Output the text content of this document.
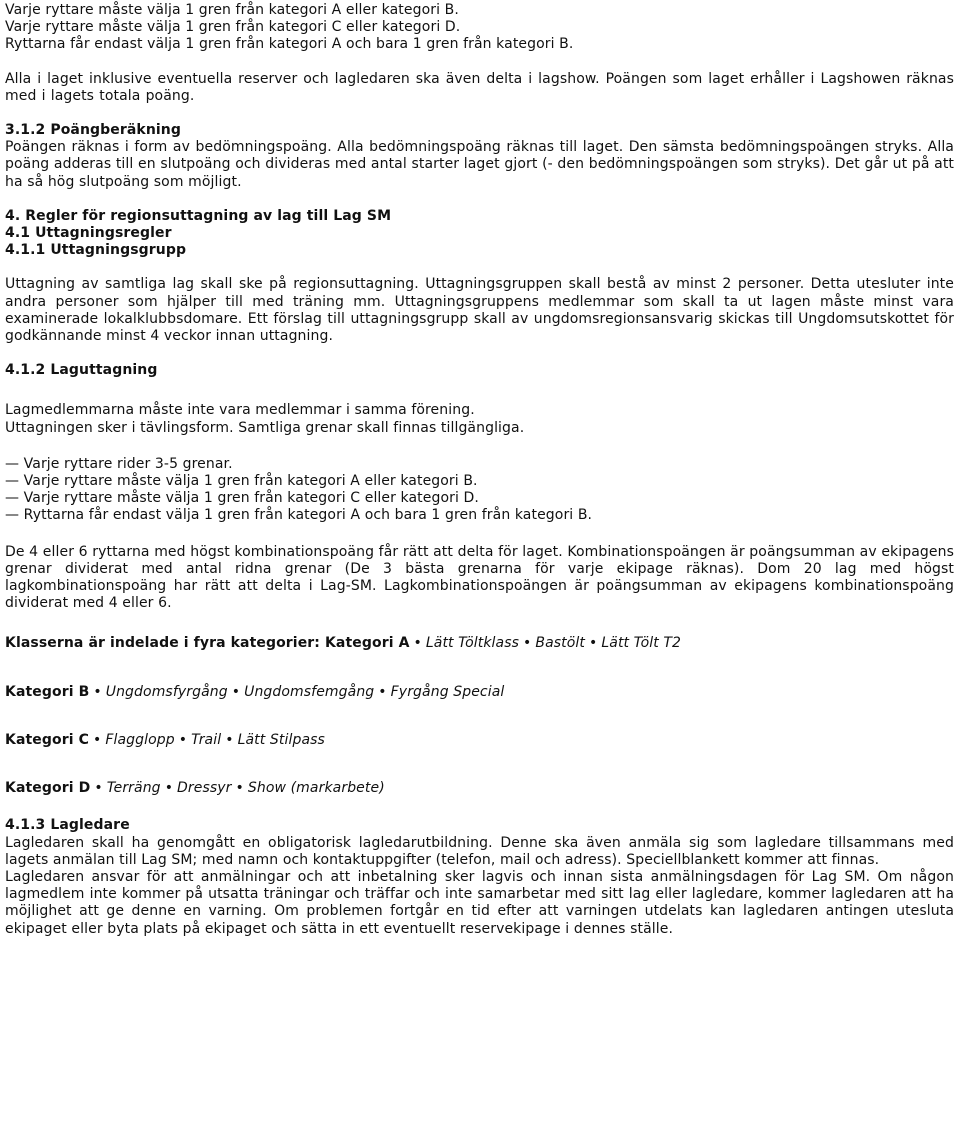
Varje ryttare måste välja 1 gren från kategori A eller kategori B.

Varje ryttare måste välja 1 gren från kategori C eller kategori D.

Ryttarna får endast välja 1 gren från kategori A och bara 1 gren från kategori B.

Alla i laget inklusive eventuella reserver och lagledaren ska även delta i lagshow. Poängen som laget erhåller i Lagshowen räknas med i lagets totala poäng.

3.1.2 Poängberäkning

Poängen räknas i form av bedömningspoäng. Alla bedömningspoäng räknas till laget. Den sämsta bedömningspoängen stryks. Alla poäng adderas till en slutpoäng och divideras med antal starter laget gjort (- den bedömningspoängen som stryks). Det går ut på att ha så hög slutpoäng som möjligt.

4. Regler för regionsuttagning av lag till Lag SM

4.1 Uttagningsregler

4.1.1 Uttagningsgrupp

Uttagning av samtliga lag skall ske på regionsuttagning. Uttagningsgruppen skall bestå av minst 2 personer. Detta utesluter inte andra personer som hjälper till med träning mm. Uttagningsgruppens medlemmar som skall ta ut lagen måste minst vara examinerade lokalklubbsdomare. Ett förslag till uttagningsgrupp skall av ungdomsregionsansvarig skickas till Ungdomsutskottet för godkännande minst 4 veckor innan uttagning.

4.1.2 Laguttagning

Lagmedlemmarna måste inte vara medlemmar i samma förening.

Uttagningen sker i tävlingsform. Samtliga grenar skall finnas tillgängliga.

— Varje ryttare rider 3-5 grenar.
— Varje ryttare måste välja 1 gren från kategori A eller kategori B.
— Varje ryttare måste välja 1 gren från kategori C eller kategori D.
— Ryttarna får endast välja 1 gren från kategori A och bara 1 gren från kategori B.

De 4 eller 6 ryttarna med högst kombinationspoäng får rätt att delta för laget. Kombinationspoängen är poängsumman av ekipagens grenar dividerat med antal ridna grenar (De 3 bästa grenarna för varje ekipage räknas). Dom 20 lag med högst lagkombinationspoäng har rätt att delta i Lag-SM. Lagkombinationspoängen är poängsumman av ekipagens kombinationspoäng dividerat med 4 eller 6.

Klasserna är indelade i fyra kategorier: Kategori A • Lätt Töltklass • Bastölt • Lätt Tölt T2

Kategori B • Ungdomsfyrgång • Ungdomsfemgång • Fyrgång Special

Kategori C • Flagglopp • Trail • Lätt Stilpass

Kategori D • Terräng • Dressyr • Show (markarbete)

4.1.3 Lagledare

Lagledaren skall ha genomgått en obligatorisk lagledarutbildning. Denne ska även anmäla sig som lagledare tillsammans med lagets anmälan till Lag SM; med namn och kontaktuppgifter (telefon, mail och adress). Speciellblankett kommer att finnas.

Lagledaren ansvar för att anmälningar och att inbetalning sker lagvis och innan sista anmälningsdagen för Lag SM. Om någon lagmedlem inte kommer på utsatta träningar och träffar och inte samarbetar med sitt lag eller lagledare, kommer lagledaren att ha möjlighet att ge denne en varning. Om problemen fortgår en tid efter att varningen utdelats kan lagledaren antingen utesluta ekipaget eller byta plats på ekipaget och sätta in ett eventuellt reservekipage i dennes ställe.
